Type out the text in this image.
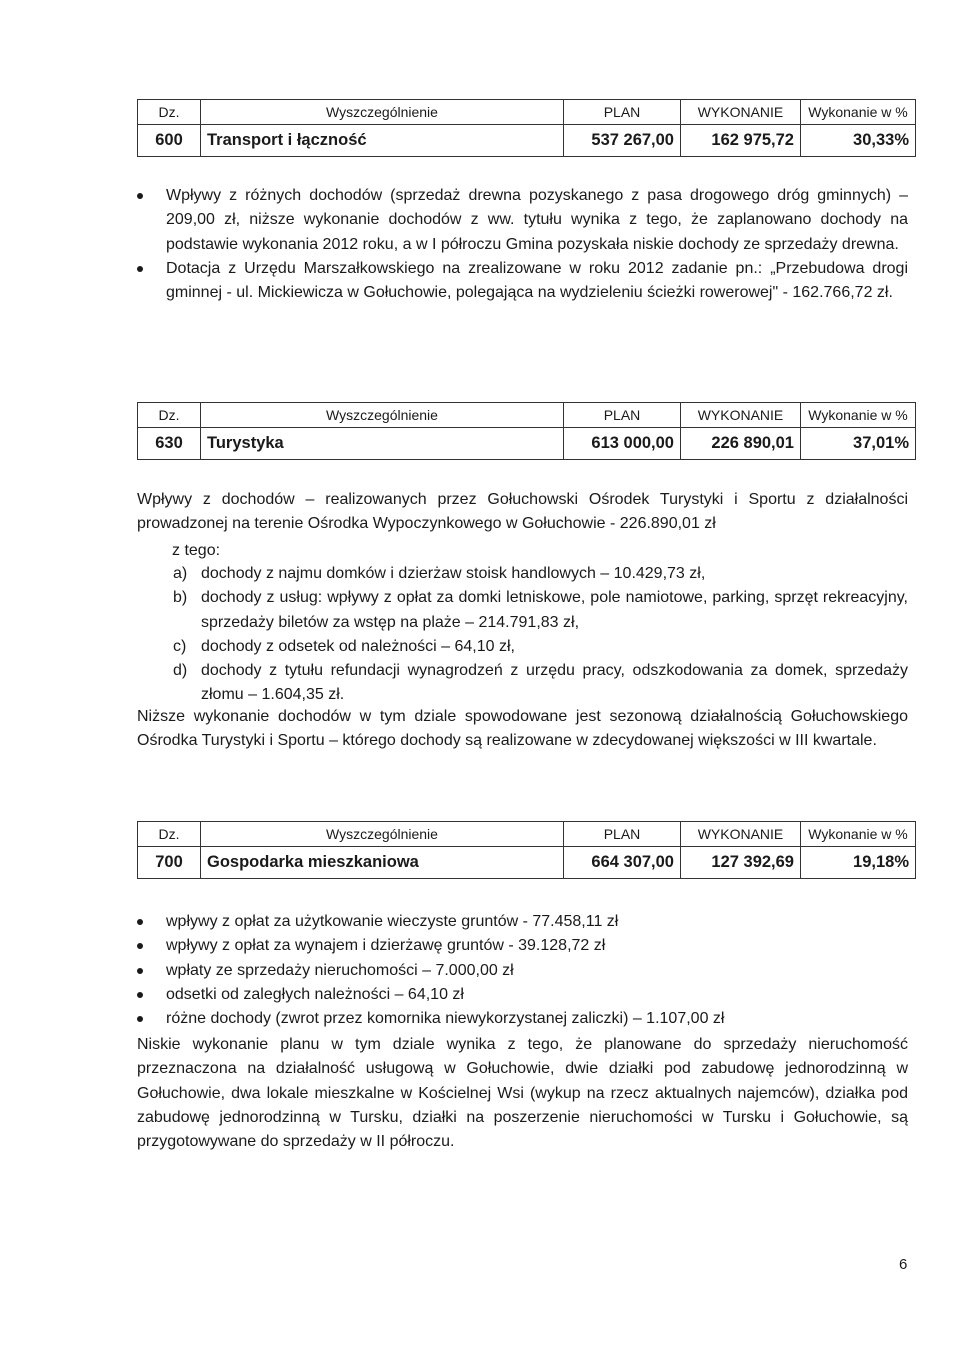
Dz.	Wyszczególnienie	PLAN	WYKONANIE	Wykonanie w %
600	Transport i łączność	537 267,00	162 975,72	30,33%
Wpływy z różnych dochodów (sprzedaż drewna pozyskanego z pasa drogowego dróg gminnych) – 209,00 zł, niższe wykonanie dochodów z ww. tytułu wynika z tego, że zaplanowano dochody na podstawie wykonania 2012 roku, a w I półroczu Gmina pozyskała niskie dochody ze sprzedaży drewna.
Dotacja z Urzędu Marszałkowskiego na zrealizowane w roku 2012 zadanie pn.: „Przebudowa drogi gminnej - ul. Mickiewicza w Gołuchowie, polegająca na wydzieleniu ścieżki rowerowej" - 162.766,72 zł.
Dz.	Wyszczególnienie	PLAN	WYKONANIE	Wykonanie w %
630	Turystyka	613 000,00	226 890,01	37,01%
Wpływy z dochodów – realizowanych przez Gołuchowski Ośrodek Turystyki i Sportu z działalności prowadzonej na terenie Ośrodka Wypoczynkowego w Gołuchowie - 226.890,01 zł
z tego:
a) dochody z najmu domków i dzierżaw stoisk handlowych – 10.429,73 zł,
b) dochody z usług: wpływy z opłat za domki letniskowe, pole namiotowe, parking, sprzęt rekreacyjny, sprzedaży biletów za wstęp na plaże – 214.791,83 zł,
c) dochody z odsetek od należności – 64,10 zł,
d) dochody z tytułu refundacji wynagrodzeń z urzędu pracy, odszkodowania za domek, sprzedaży złomu – 1.604,35 zł.
Niższe wykonanie dochodów w tym dziale spowodowane jest sezonową działalnością Gołuchowskiego Ośrodka Turystyki i Sportu – którego dochody są realizowane w zdecydowanej większości w III kwartale.
Dz.	Wyszczególnienie	PLAN	WYKONANIE	Wykonanie w %
700	Gospodarka mieszkaniowa	664 307,00	127 392,69	19,18%
wpływy z opłat za użytkowanie wieczyste gruntów - 77.458,11 zł
wpływy z opłat za wynajem i dzierżawę gruntów - 39.128,72 zł
wpłaty ze sprzedaży nieruchomości – 7.000,00 zł
odsetki od zaległych należności – 64,10 zł
różne dochody (zwrot przez komornika niewykorzystanej zaliczki) – 1.107,00 zł
Niskie wykonanie planu w tym dziale wynika z tego, że planowane do sprzedaży nieruchomość przeznaczona na działalność usługową w Gołuchowie, dwie działki pod zabudowę jednorodzinną w Gołuchowie, dwa lokale mieszkalne w Kościelnej Wsi (wykup na rzecz aktualnych najemców), działka pod zabudowę jednorodzinną w Tursku, działki na poszerzenie nieruchomości w Tursku i Gołuchowie, są przygotowywane do sprzedaży w II półroczu.
6
